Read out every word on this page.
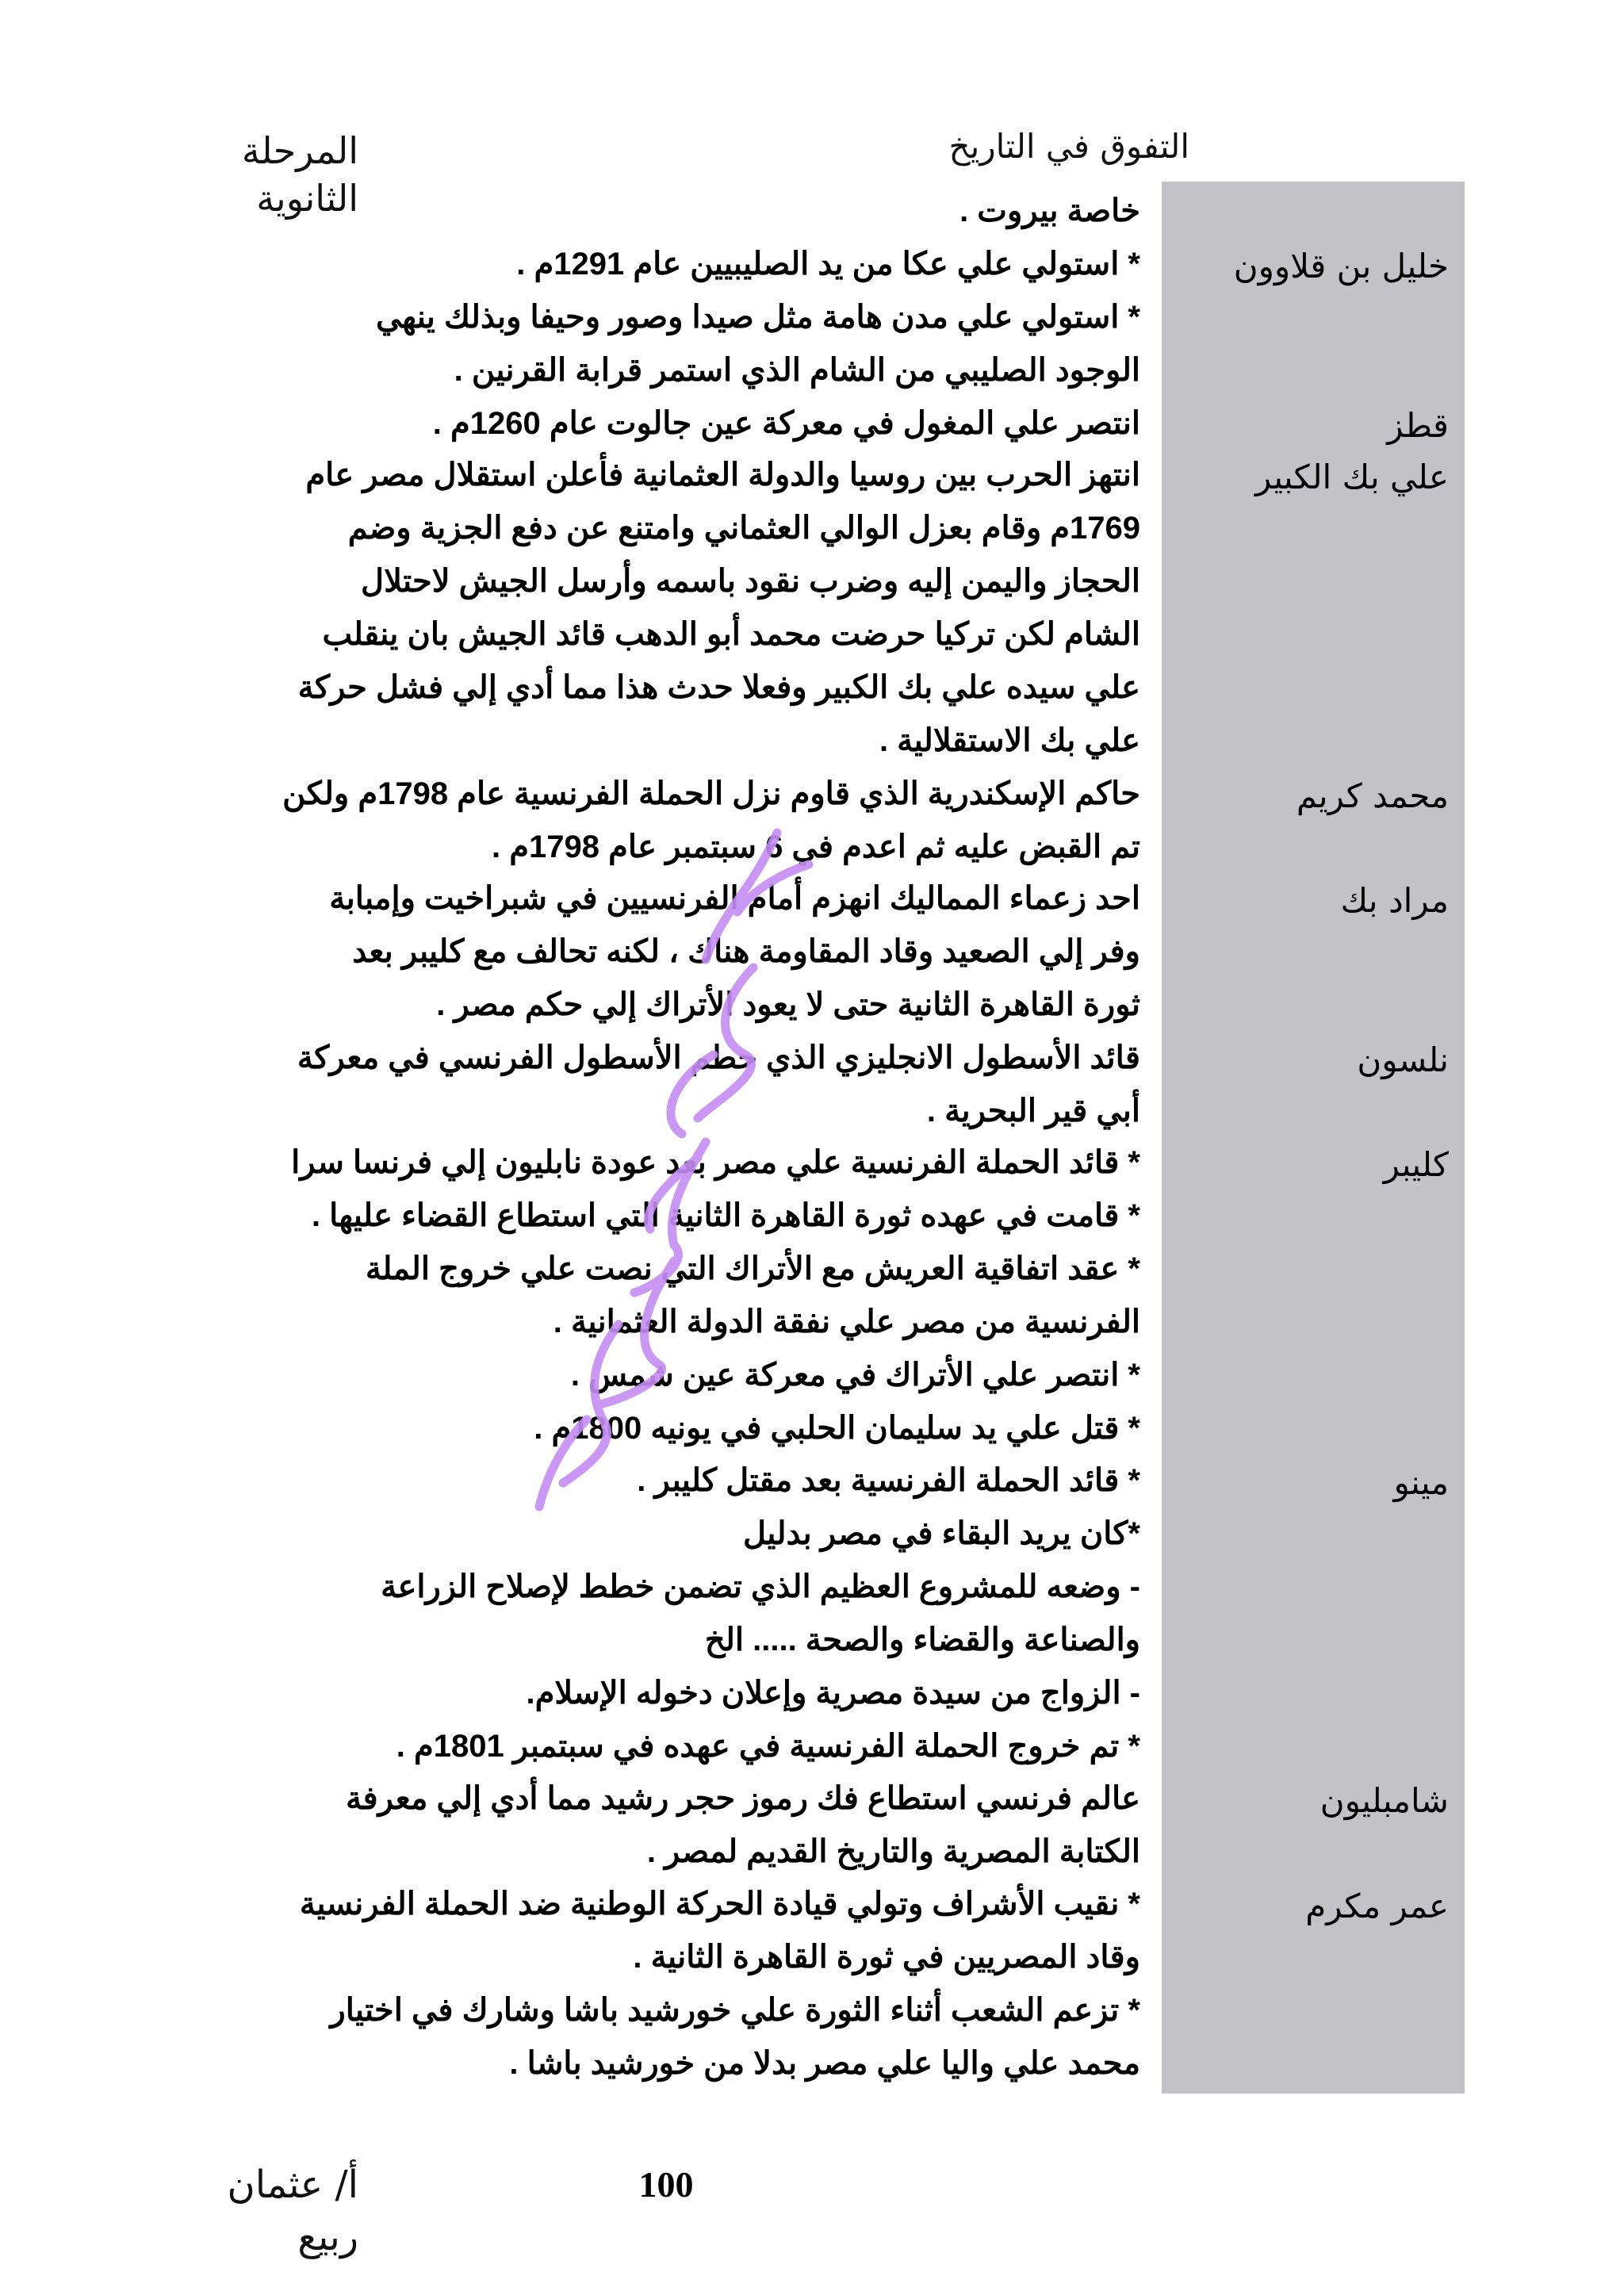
المرحلة الثانوية
التفوق في التاريخ
خاصة بيروت .
خليل بن قلاوون
* استولي علي عكا من يد الصليبيين عام 1291م .
* استولي علي مدن هامة مثل صيدا وصور وحيفا وبذلك ينهي
الوجود الصليبي من الشام الذي استمر قرابة القرنين .
قطز
انتصر علي المغول في معركة عين جالوت عام 1260م .
علي بك الكبير
انتهز الحرب بين روسيا والدولة العثمانية فأعلن استقلال مصر عام
1769م وقام بعزل الوالي العثماني وامتنع عن دفع الجزية وضم
الحجاز واليمن إليه وضرب نقود باسمه وأرسل الجيش لاحتلال
الشام لكن تركيا حرضت محمد أبو الدهب قائد الجيش بان ينقلب
علي سيده علي بك الكبير وفعلا حدث هذا مما أدي إلي فشل حركة
علي بك الاستقلالية .
محمد كريم
حاكم الإسكندرية الذي قاوم نزل الحملة الفرنسية عام 1798م ولكن
تم القبض عليه ثم اعدم في 6 سبتمبر عام 1798م .
مراد بك
احد زعماء المماليك انهزم أمام الفرنسيين في شبراخيت وإمبابة
وفر إلي الصعيد وقاد المقاومة هناك ، لكنه تحالف مع كليبر بعد
ثورة القاهرة الثانية حتى لا يعود الأتراك إلي حكم مصر .
نلسون
قائد الأسطول الانجليزي الذي حطم الأسطول الفرنسي في معركة
أبي قير البحرية .
كليبر
* قائد الحملة الفرنسية علي مصر بعد عودة نابليون إلي فرنسا سرا
* قامت في عهده ثورة القاهرة الثانية التي استطاع القضاء عليها .
* عقد اتفاقية العريش مع الأتراك التي نصت علي خروج الملة
الفرنسية من مصر علي نفقة الدولة العثمانية .
* انتصر علي الأتراك في معركة عين شمس .
* قتل علي يد سليمان الحلبي في يونيه 1800م .
مينو
* قائد الحملة الفرنسية بعد مقتل كليبر .
*كان يريد البقاء في مصر بدليل
- وضعه للمشروع العظيم الذي تضمن خطط لإصلاح الزراعة
والصناعة والقضاء والصحة ..... الخ
- الزواج من سيدة مصرية وإعلان دخوله الإسلام.
* تم خروج الحملة الفرنسية في عهده في سبتمبر 1801م .
شامبليون
عالم فرنسي استطاع فك رموز حجر رشيد مما أدي إلي معرفة
الكتابة المصرية والتاريخ القديم لمصر .
عمر مكرم
* نقيب الأشراف وتولي قيادة الحركة الوطنية ضد الحملة الفرنسية
وقاد المصريين في ثورة القاهرة الثانية .
* تزعم الشعب أثناء الثورة علي خورشيد باشا وشارك في اختيار
محمد علي واليا علي مصر بدلا من خورشيد باشا .
أ/ عثمان ربيع
100
